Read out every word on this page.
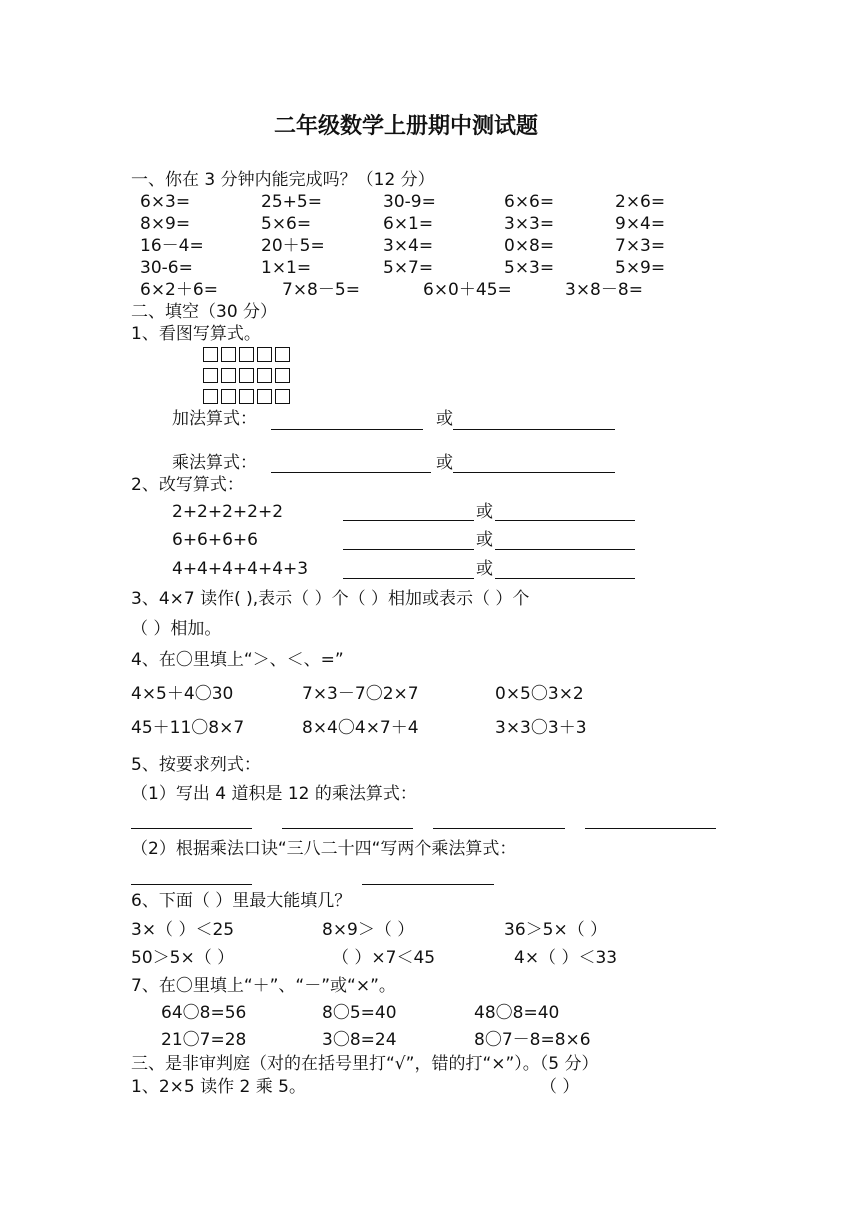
二年级数学上册期中测试题
一、你在 3 分钟内能完成吗？（12 分）
6×3=	25+5=	30-9=	6×6=	2×6=
8×9=	5×6=	6×1=	3×3=	9×4=
16－4=	20＋5=	3×4=	0×8=	7×3=
30-6=	1×1=	5×7=	5×3=	5×9=
6×2＋6=	7×8－5=	6×0＋45=	3×8－8=
二、填空（30 分）
1、看图写算式。
加法算式：	或
乘法算式：	或
2、改写算式：
2+2+2+2+2	或
6+6+6+6	或
4+4+4+4+4+3	或
3、4×7 读作( ),表示（ ）个（ ）相加或表示（ ）个
（ ）相加。
4、在〇里填上“＞、＜、=”
4×5＋4〇30	7×3－7〇2×7	0×5〇3×2
45＋11〇8×7	8×4〇4×7＋4	3×3〇3＋3
5、按要求列式：
（1）写出 4 道积是 12 的乘法算式：
（2）根据乘法口诀“三八二十四“写两个乘法算式：
6、下面（ ）里最大能填几？
3×（ ）＜25	8×9＞（ ）	36＞5×（ ）
50＞5×（ ）	（ ）×7＜45	4×（ ）＜33
7、在〇里填上“＋”、“－”或“×”。
64〇8=56	8〇5=40	48〇8=40
21〇7=28	3〇8=24	8〇7－8=8×6
三、是非审判庭（对的在括号里打“√”，错的打“×”）。（5 分）
1、2×5 读作 2 乘 5。	（ ）
